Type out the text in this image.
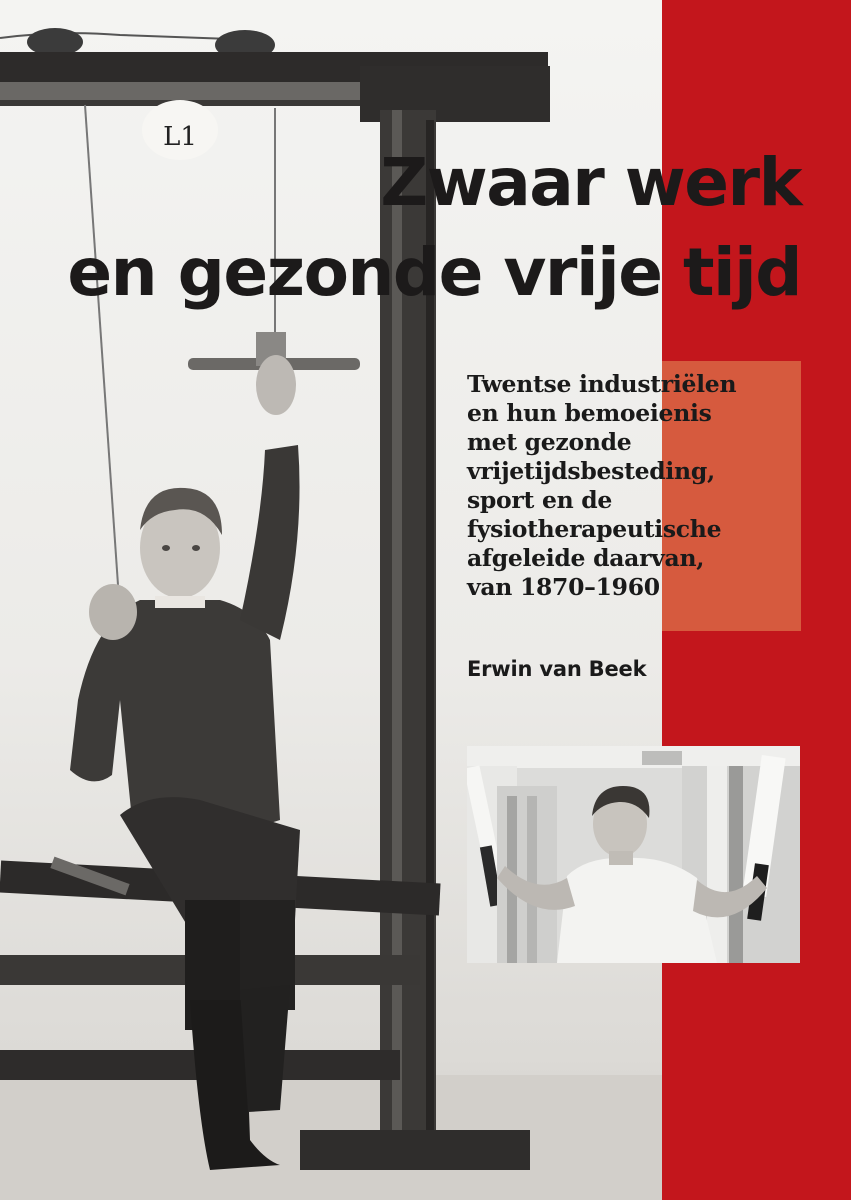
L1
Zwaar werk
en gezonde vrije tijd

Twentse industriëlen
en hun bemoeienis
met gezonde
vrijetijdsbesteding,
sport en de
fysiotherapeutische
afgeleide daarvan,
van 1870–1960

Erwin van Beek
